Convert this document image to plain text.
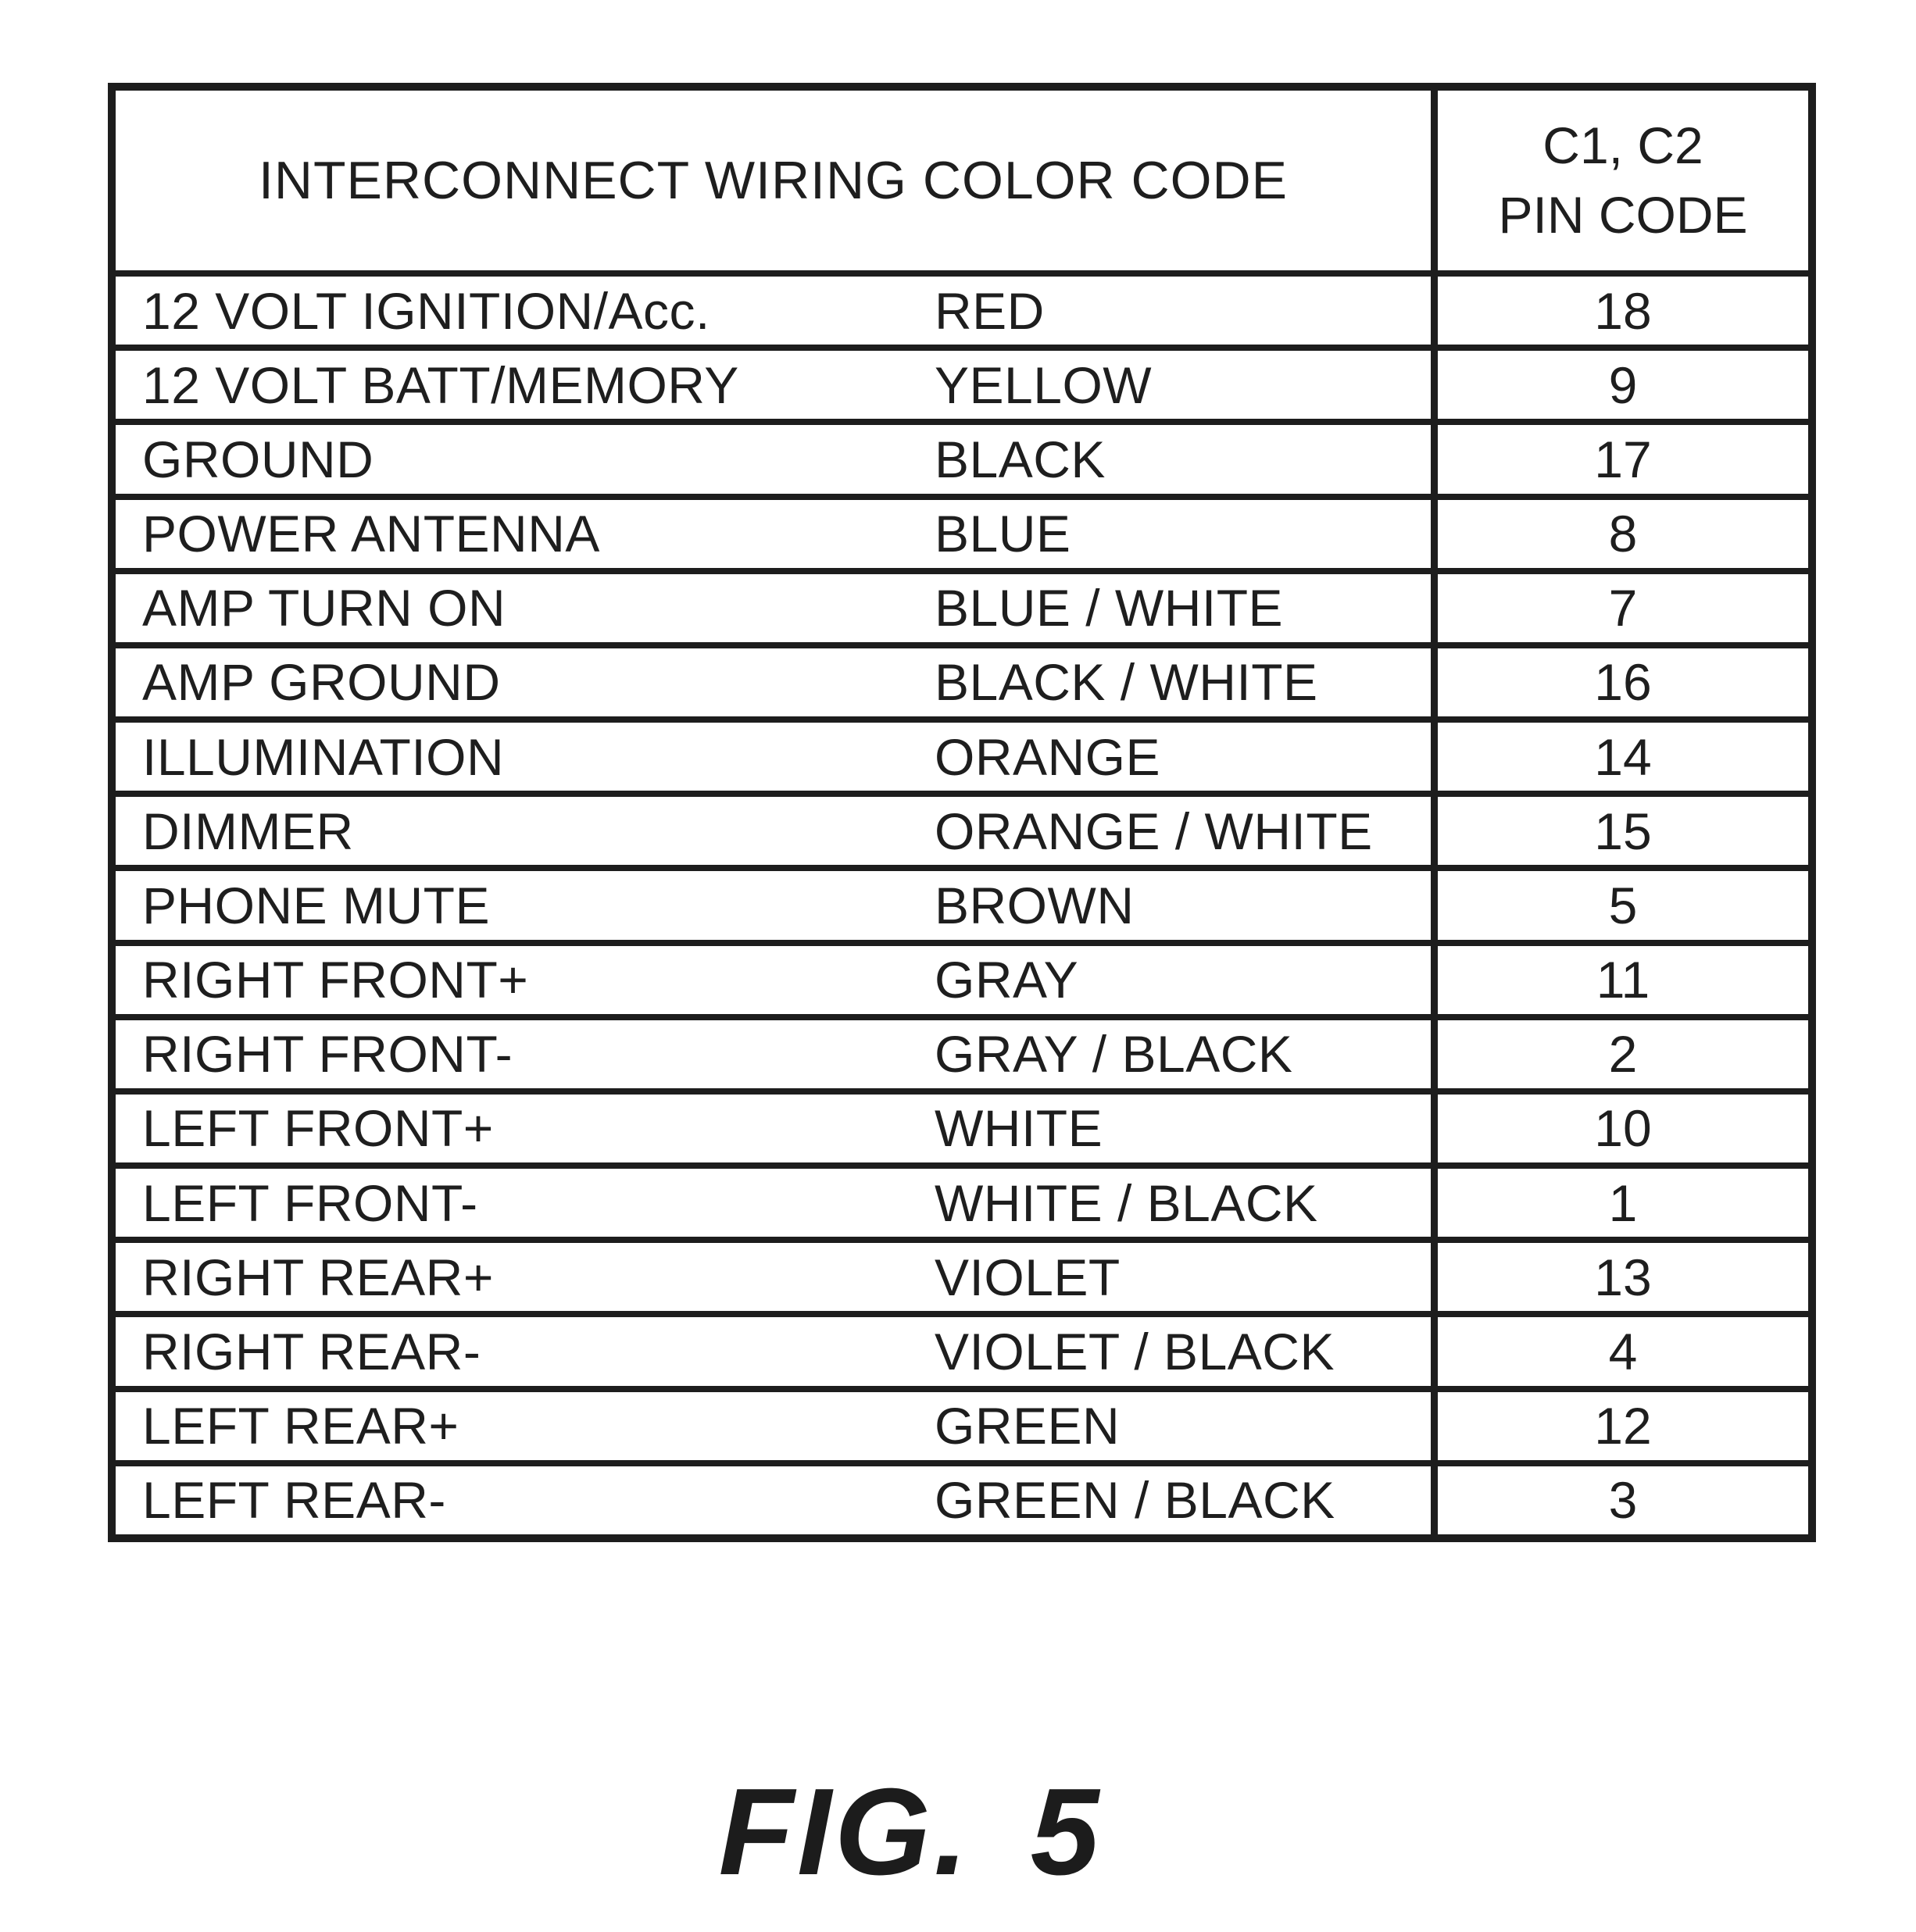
INTERCONNECT WIRING COLOR CODE
C1, C2
PIN CODE
12 VOLT IGNITION/Acc.	RED	18
12 VOLT BATT/MEMORY	YELLOW	9
GROUND	BLACK	17
POWER ANTENNA	BLUE	8
AMP TURN ON	BLUE / WHITE	7
AMP GROUND	BLACK / WHITE	16
ILLUMINATION	ORANGE	14
DIMMER	ORANGE / WHITE	15
PHONE MUTE	BROWN	5
RIGHT FRONT+	GRAY	11
RIGHT FRONT-	GRAY / BLACK	2
LEFT FRONT+	WHITE	10
LEFT FRONT-	WHITE / BLACK	1
RIGHT REAR+	VIOLET	13
RIGHT REAR-	VIOLET / BLACK	4
LEFT REAR+	GREEN	12
LEFT REAR-	GREEN / BLACK	3
FIG. 5
